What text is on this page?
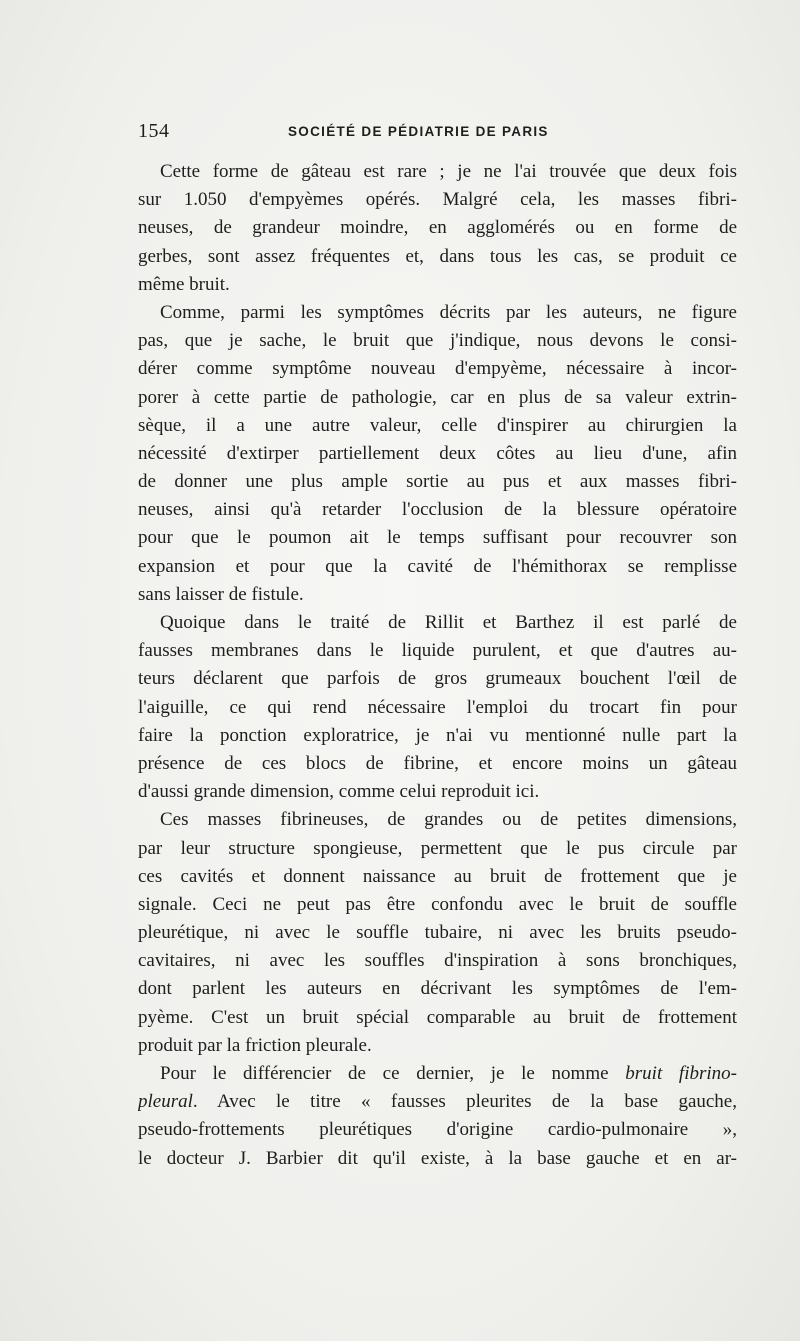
154	SOCIÉTÉ DE PÉDIATRIE DE PARIS
Cette forme de gâteau est rare ; je ne l'ai trouvée que deux fois
sur 1.050 d'empyèmes opérés. Malgré cela, les masses fibri-
neuses, de grandeur moindre, en agglomérés ou en forme de
gerbes, sont assez fréquentes et, dans tous les cas, se produit ce
même bruit.
Comme, parmi les symptômes décrits par les auteurs, ne figure
pas, que je sache, le bruit que j'indique, nous devons le consi-
dérer comme symptôme nouveau d'empyème, nécessaire à incor-
porer à cette partie de pathologie, car en plus de sa valeur extrin-
sèque, il a une autre valeur, celle d'inspirer au chirurgien la
nécessité d'extirper partiellement deux côtes au lieu d'une, afin
de donner une plus ample sortie au pus et aux masses fibri-
neuses, ainsi qu'à retarder l'occlusion de la blessure opératoire
pour que le poumon ait le temps suffisant pour recouvrer son
expansion et pour que la cavité de l'hémithorax se remplisse
sans laisser de fistule.
Quoique dans le traité de Rillit et Barthez il est parlé de
fausses membranes dans le liquide purulent, et que d'autres au-
teurs déclarent que parfois de gros grumeaux bouchent l'œil de
l'aiguille, ce qui rend nécessaire l'emploi du trocart fin pour
faire la ponction exploratrice, je n'ai vu mentionné nulle part la
présence de ces blocs de fibrine, et encore moins un gâteau
d'aussi grande dimension, comme celui reproduit ici.
Ces masses fibrineuses, de grandes ou de petites dimensions,
par leur structure spongieuse, permettent que le pus circule par
ces cavités et donnent naissance au bruit de frottement que je
signale. Ceci ne peut pas être confondu avec le bruit de souffle
pleurétique, ni avec le souffle tubaire, ni avec les bruits pseudo-
cavitaires, ni avec les souffles d'inspiration à sons bronchiques,
dont parlent les auteurs en décrivant les symptômes de l'em-
pyème. C'est un bruit spécial comparable au bruit de frottement
produit par la friction pleurale.
Pour le différencier de ce dernier, je le nomme bruit fibrino-
pleural. Avec le titre « fausses pleurites de la base gauche,
pseudo-frottements pleurétiques d'origine cardio-pulmonaire »,
le docteur J. Barbier dit qu'il existe, à la base gauche et en ar-
